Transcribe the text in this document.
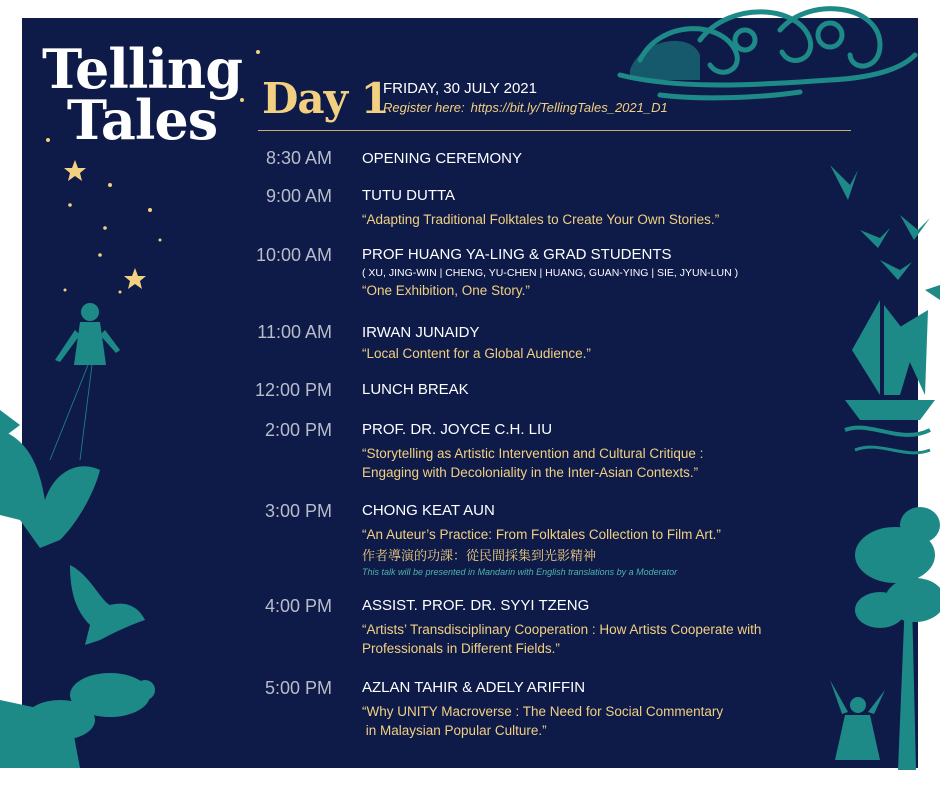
Telling
Tales	Day 1
FRIDAY, 30 JULY 2021
Register here: https://bit.ly/TellingTales_2021_D1
8:30 AM OPENING CEREMONY
9:00 AM TUTU DUTTA
“Adapting Traditional Folktales to Create Your Own Stories.”
10:00 AM PROF HUANG YA-LING & GRAD STUDENTS
( XU, JING-WIN | CHENG, YU-CHEN | HUANG, GUAN-YING | SIE, JYUN-LUN )
“One Exhibition, One Story.”
11:00 AM IRWAN JUNAIDY
“Local Content for a Global Audience.”
12:00 PM LUNCH BREAK
2:00 PM PROF. DR. JOYCE C.H. LIU
“Storytelling as Artistic Intervention and Cultural Critique :
Engaging with Decoloniality in the Inter-Asian Contexts.”
3:00 PM CHONG KEAT AUN
“An Auteur’s Practice: From Folktales Collection to Film Art.”
作者導演的功課：從民間採集到光影精神
This talk will be presented in Mandarin with English translations by a Moderator
4:00 PM ASSIST. PROF. DR. SYYI TZENG
“Artists’ Transdisciplinary Cooperation : How Artists Cooperate with
Professionals in Different Fields.”
5:00 PM AZLAN TAHIR & ADELY ARIFFIN
“Why UNITY Macroverse : The Need for Social Commentary
in Malaysian Popular Culture.”
